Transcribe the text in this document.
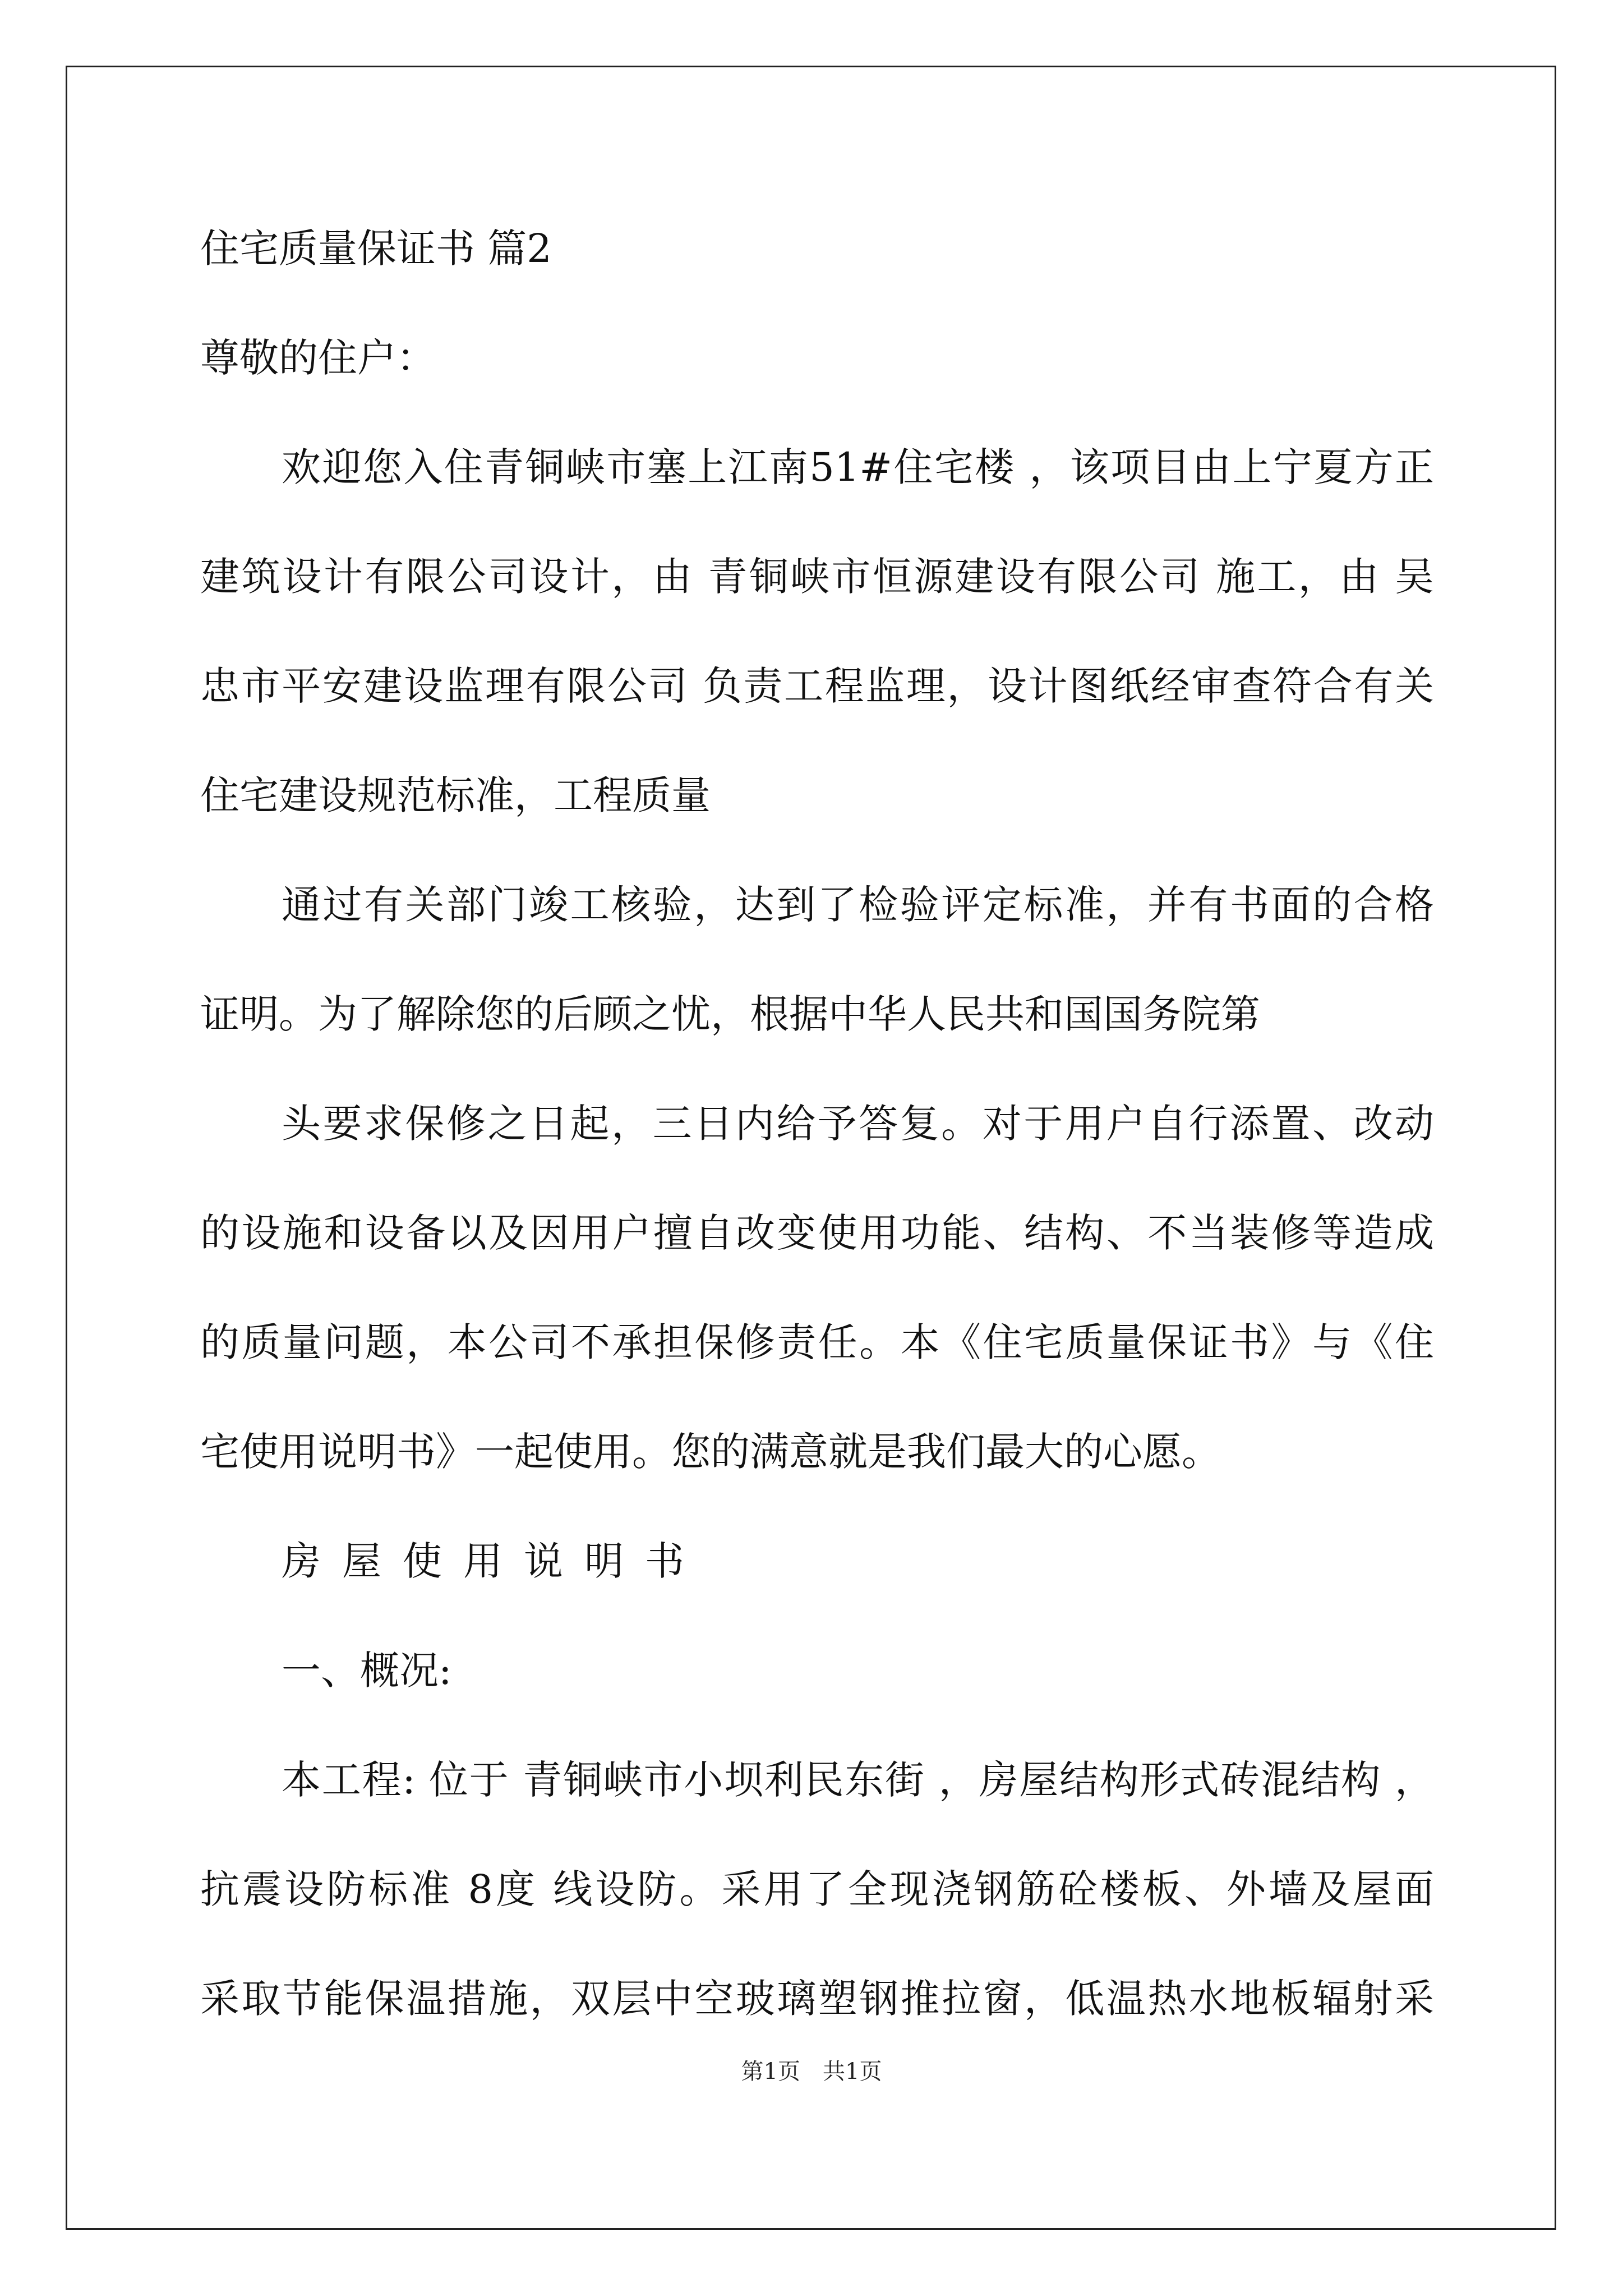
住宅质量保证书 篇2
尊敬的住户：
欢迎您入住青铜峡市塞上江南51#住宅楼 ，该项目由上宁夏方正
建筑设计有限公司设计，由 青铜峡市恒源建设有限公司 施工，由 吴
忠市平安建设监理有限公司 负责工程监理，设计图纸经审查符合有关
住宅建设规范标准，工程质量
通过有关部门竣工核验，达到了检验评定标准，并有书面的合格
证明。为了解除您的后顾之忧，根据中华人民共和国国务院第
头要求保修之日起，三日内给予答复。对于用户自行添置、改动
的设施和设备以及因用户擅自改变使用功能、结构、不当装修等造成
的质量问题，本公司不承担保修责任。本《住宅质量保证书》与《住
宅使用说明书》一起使用。您的满意就是我们最大的心愿。
房屋使用说明书
一、概况:
本工程: 位于 青铜峡市小坝利民东街 ，房屋结构形式砖混结构 ，
抗震设防标准 8度 线设防。采用了全现浇钢筋砼楼板、外墙及屋面
采取节能保温措施，双层中空玻璃塑钢推拉窗，低温热水地板辐射采
第1页 共1页
